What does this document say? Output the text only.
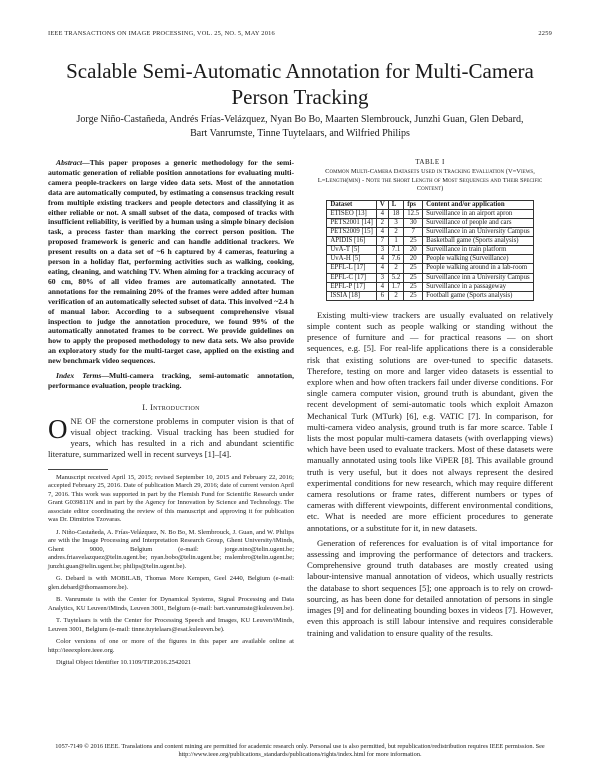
IEEE TRANSACTIONS ON IMAGE PROCESSING, VOL. 25, NO. 5, MAY 2016	2259
Scalable Semi-Automatic Annotation for Multi-Camera Person Tracking
Jorge Niño-Castañeda, Andrés Frías-Velázquez, Nyan Bo Bo, Maarten Slembrouck, Junzhi Guan, Glen Debard, Bart Vanrumste, Tinne Tuytelaars, and Wilfried Philips

Abstract—This paper proposes a generic methodology for the semi-automatic generation of reliable position annotations for evaluating multi-camera people-trackers on large video data sets. Most of the annotation data are automatically computed, by estimating a consensus tracking result from multiple existing trackers and people detectors and classifying it as either reliable or not. A small subset of the data, composed of tracks with insufficient reliability, is verified by a human using a simple binary decision task, a process faster than marking the correct person position. The proposed framework is generic and can handle additional trackers. We present results on a data set of ~6 h captured by 4 cameras, featuring a person in a holiday flat, performing activities such as walking, cooking, eating, cleaning, and watching TV. When aiming for a tracking accuracy of 60 cm, 80% of all video frames are automatically annotated. The annotations for the remaining 20% of the frames were added after human verification of an automatically selected subset of data. This involved ~2.4 h of manual labor. According to a subsequent comprehensive visual inspection to judge the annotation procedure, we found 99% of the automatically annotated frames to be correct. We provide guidelines on how to apply the proposed methodology to new data sets. We also provide an exploratory study for the multi-target case, applied on the existing and new benchmark video sequences.

Index Terms—Multi-camera tracking, semi-automatic annotation, performance evaluation, people tracking.

I. Introduction

ONE OF the cornerstone problems in computer vision is that of visual object tracking. Visual tracking has been studied for years, which has resulted in a rich and abundant scientific literature, summarized well in recent surveys [1]–[4].

Manuscript received April 15, 2015; revised September 10, 2015 and February 22, 2016; accepted February 25, 2016. Date of publication March 29, 2016; date of current version April 7, 2016. This work was supported in part by the Flemish Fund for Scientific Research under Grant G039811N and in part by the Agency for Innovation by Science and Technology. The associate editor coordinating the review of this manuscript and approving it for publication was Dr. Dimitrios Tzovaras.

J. Niño-Castañeda, A. Frías-Velázquez, N. Bo Bo, M. Slembrouck, J. Guan, and W. Philips are with the Image Processing and Interpretation Research Group, Ghent University/iMinds, Ghent 9000, Belgium (e-mail: jorge.nino@telin.ugent.be; andres.friasvelazquez@telin.ugent.be; nyan.bobo@telin.ugent.be; mslembro@telin.ugent.be; junzhi.guan@telin.ugent.be; philips@telin.ugent.be).

G. Debard is with MOBILAB, Thomas More Kempen, Geel 2440, Belgium (e-mail: glen.debard@thomasmore.be).

B. Vanrumste is with the Center for Dynamical Systems, Signal Processing and Data Analytics, KU Leuven/iMinds, Leuven 3001, Belgium (e-mail: bart.vanrumste@kuleuven.be).

T. Tuytelaars is with the Center for Processing Speech and Images, KU Leuven/iMinds, Leuven 3001, Belgium (e-mail: tinne.tuytelaars@esat.kuleuven.be).

Color versions of one or more of the figures in this paper are available online at http://ieeexplore.ieee.org.

Digital Object Identifier 10.1109/TIP.2016.2542021

TABLE I

Common Multi-Camera Datasets Used in Tracking Evaluation (V=Views, L=Length(min) - Note the Short Length of Most Sequences and Their Specific Content)

Dataset	V	L	fps	Content and/or application
ETISEO [13]	4	18	12.5	Surveillance in an airport apron
PETS2001 [14]	2	3	30	Surveillance of people and cars
PETS2009 [15]	4	2	7	Surveillance in an University Campus
APIDIS [16]	7	1	25	Basketball game (Sports analysis)
UvA-T [5]	3	7.1	20	Surveillance in train platform
UvA-H [5]	4	7.6	20	People walking (Surveillance)
EPFL-L [17]	4	2	25	People walking around in a lab-room
EPFL-C [17]	3	5.2	25	Surveillance inn a University Campus
EPFL-P [17]	4	1.7	25	Surveillance in a passageway
ISSIA [18]	6	2	25	Football game (Sports analysis)

Existing multi-view trackers are usually evaluated on relatively simple content such as people walking or standing without the presence of furniture and — for practical reasons — on short sequences, e.g. [5]. For real-life applications there is a considerable risk that existing solutions are over-tuned to specific datasets. Therefore, testing on more and larger video datasets is essential to explore when and how often trackers fail under diverse conditions. For single camera computer vision, ground truth is abundant, given the recent development of semi-automatic tools which exploit Amazon Mechanical Turk (MTurk) [6], e.g. VATIC [7]. In comparison, for multi-camera video analysis, ground truth is far more scarce. Table I lists the most popular multi-camera datasets (with overlapping views) which have been used to evaluate trackers. Most of these datasets were manually annotated using tools like ViPER [8]. This available ground truth is very useful, but it does not always represent the desired experimental conditions for new research, which may require different camera resolutions or frame rates, different numbers or types of cameras with different viewpoints, different environmental conditions, etc. What is needed are more efficient procedures to generate annotations, or a substitute for it, in new datasets.

Generation of references for evaluation is of vital importance for assessing and improving the performance of detectors and trackers. Comprehensive ground truth databases are mostly created using labour-intensive manual annotation of videos, which usually restricts the database to short sequences [5]; one approach is to rely on crowd-sourcing, as has been done for detailed annotation of persons in single images [9] and for delineating bounding boxes in videos [7]. However, even this approach is still labour intensive and requires considerable training and validation to ensure quality of the results.

1057-7149 © 2016 IEEE. Translations and content mining are permitted for academic research only. Personal use is also permitted, but republication/redistribution requires IEEE permission. See http://www.ieee.org/publications_standards/publications/rights/index.html for more information.
